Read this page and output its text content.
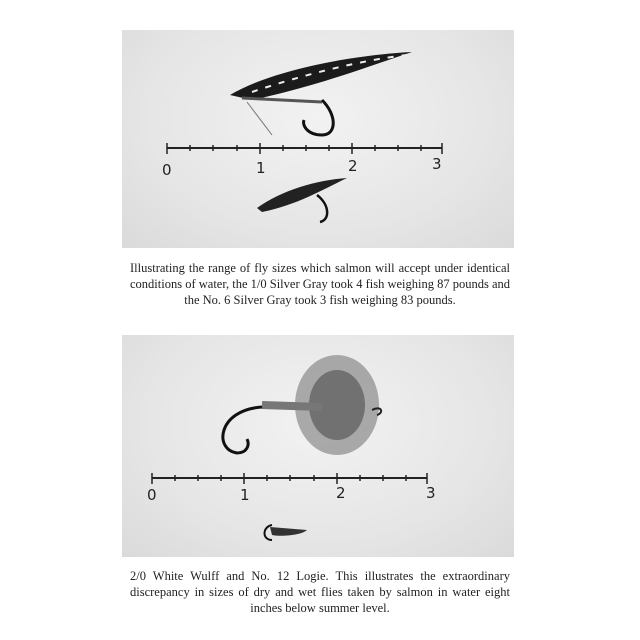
0	1	2	3
Illustrating the range of fly sizes which salmon will accept under identical conditions of water, the 1/0 Silver Gray took 4 fish weighing 87 pounds and the No. 6 Silver Gray took 3 fish weighing 83 pounds.
0	1	2	3
2/0 White Wulff and No. 12 Logie. This illustrates the extraordinary discrepancy in sizes of dry and wet flies taken by salmon in water eight inches below summer level.
